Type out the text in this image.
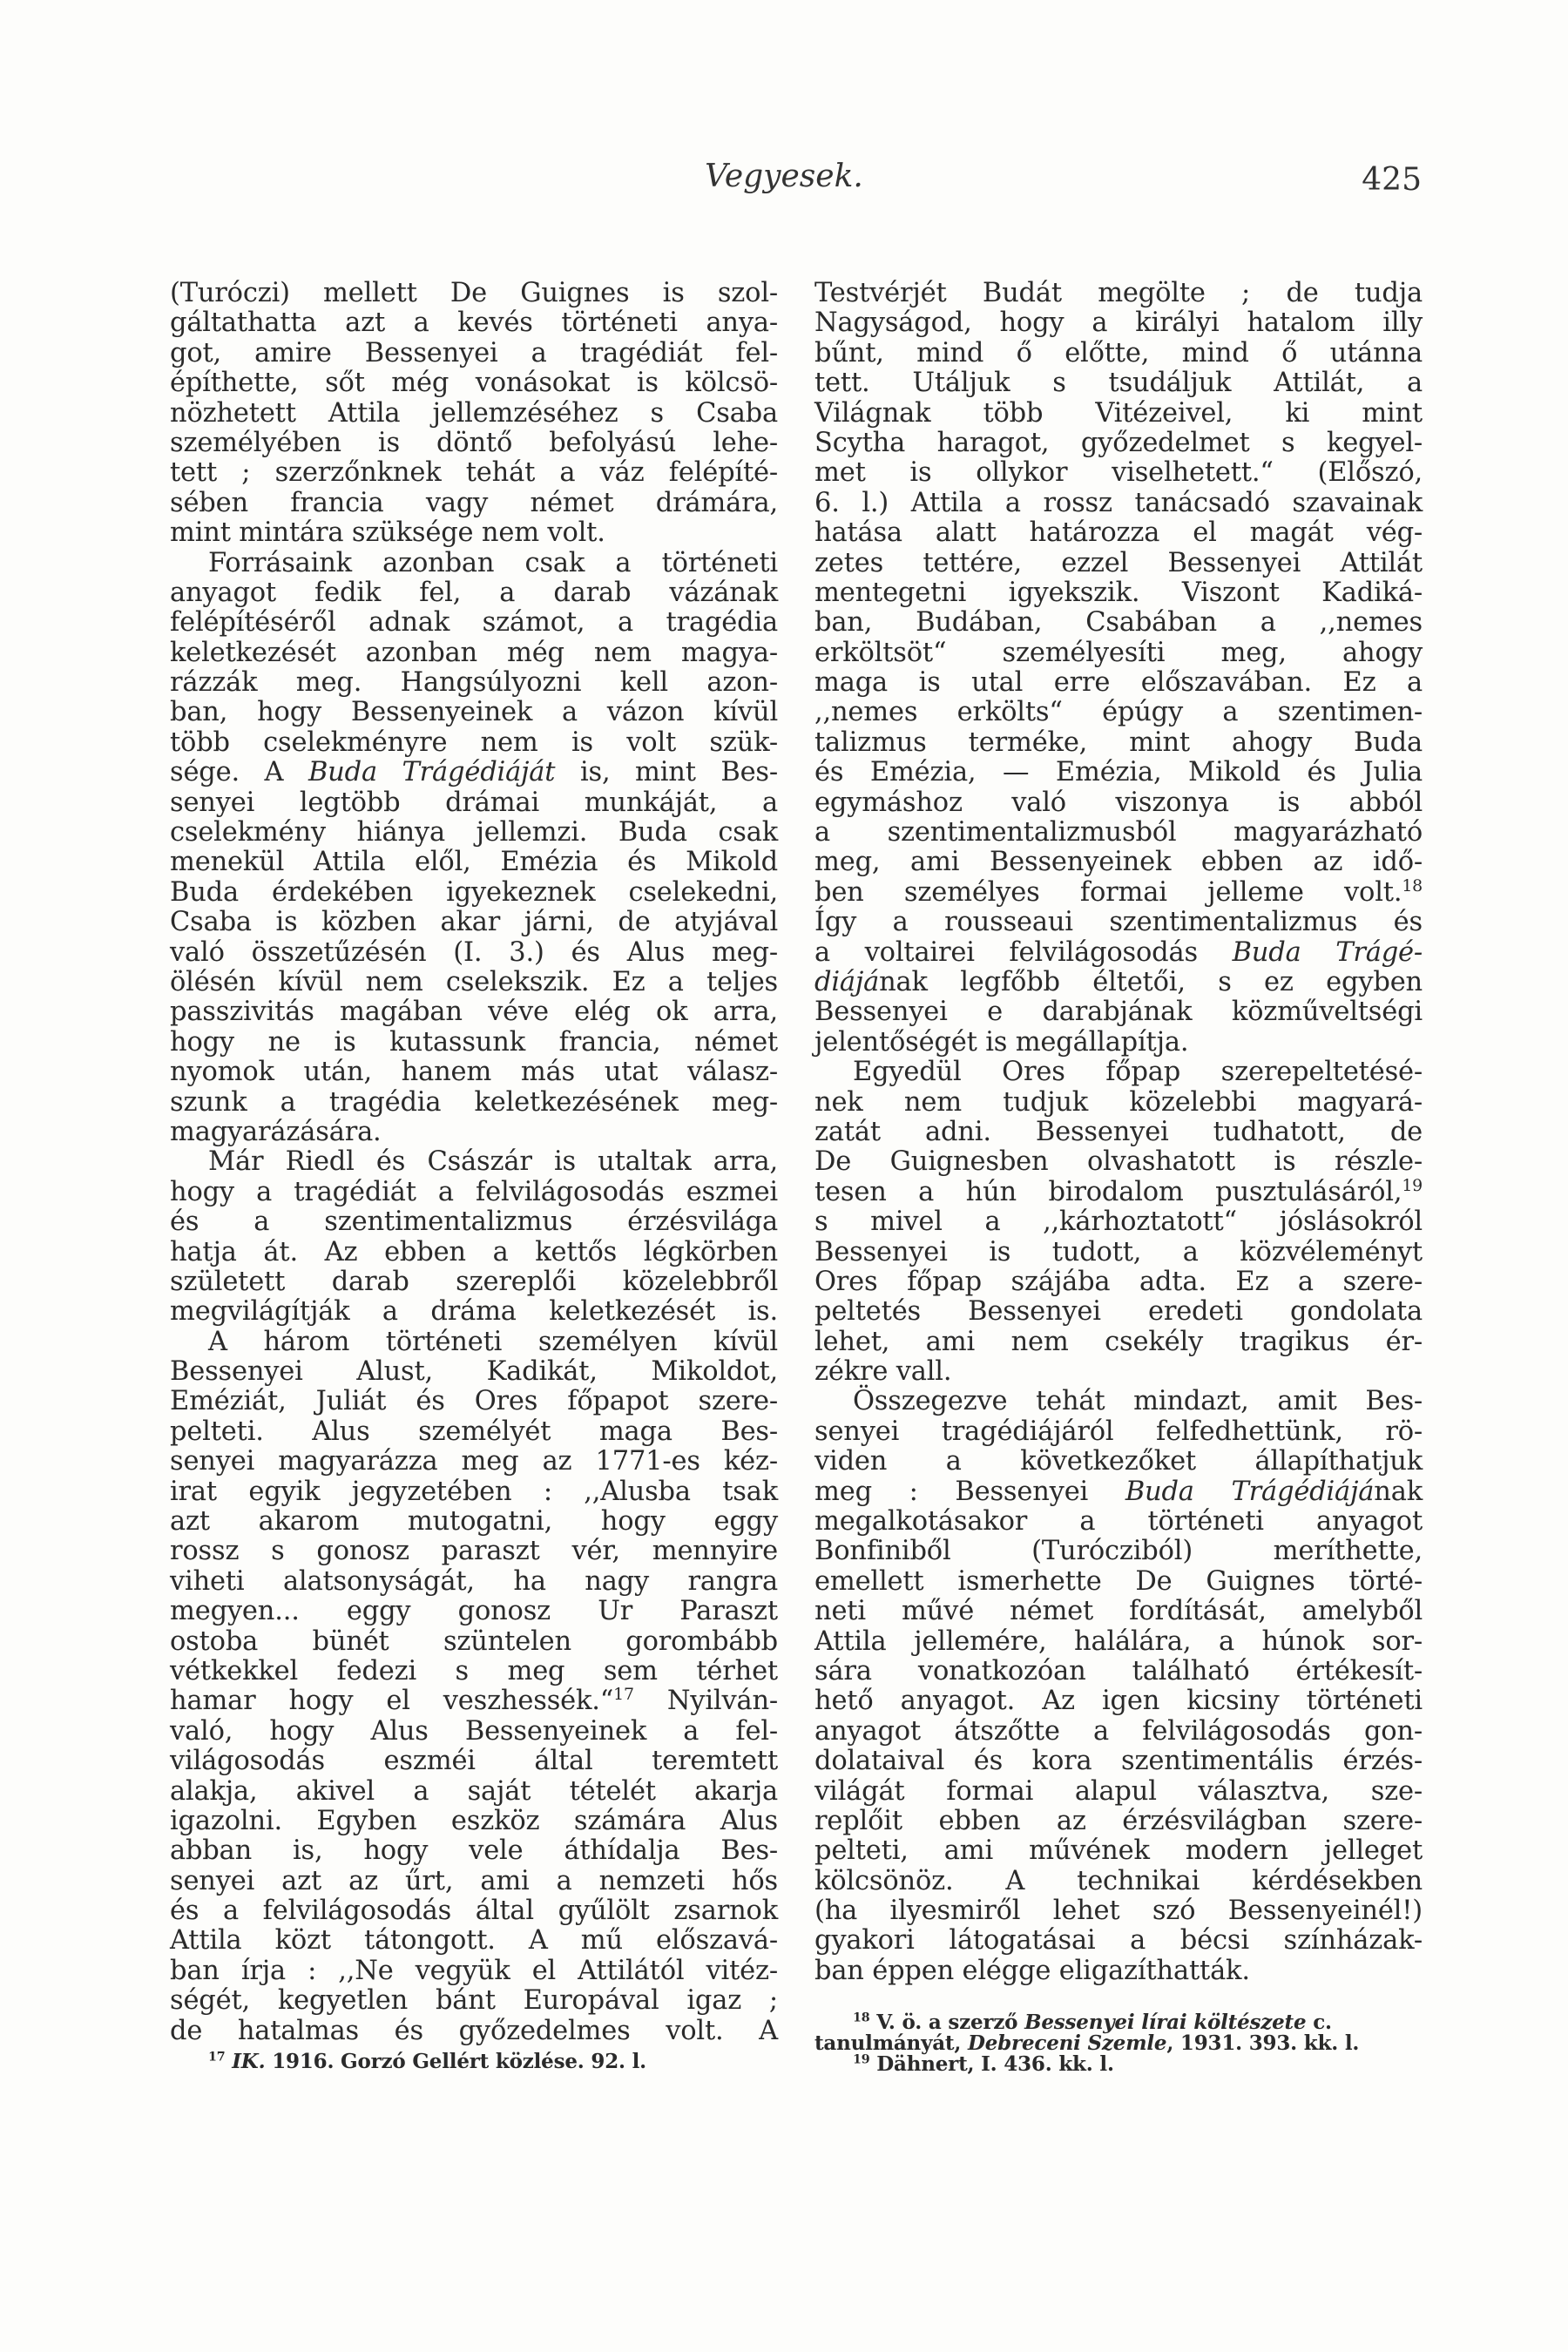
Vegyesek.	425
(Turóczi) mellett De Guignes is szol-
gáltathatta azt a kevés történeti anya-
got, amire Bessenyei a tragédiát fel-
építhette, sőt még vonásokat is kölcsö-
nözhetett Attila jellemzéséhez s Csaba
személyében is döntő befolyású lehe-
tett ; szerzőnknek tehát a váz felépíté-
sében francia vagy német drámára,
mint mintára szüksége nem volt.
Forrásaink azonban csak a történeti
anyagot fedik fel, a darab vázának
felépítéséről adnak számot, a tragédia
keletkezését azonban még nem magya-
rázzák meg. Hangsúlyozni kell azon-
ban, hogy Bessenyeinek a vázon kívül
több cselekményre nem is volt szük-
sége. A Buda Trágédiáját is, mint Bes-
senyei legtöbb drámai munkáját, a
cselekmény hiánya jellemzi. Buda csak
menekül Attila elől, Emézia és Mikold
Buda érdekében igyekeznek cselekedni,
Csaba is közben akar járni, de atyjával
való összetűzésén (I. 3.) és Alus meg-
ölésén kívül nem cselekszik. Ez a teljes
passzivitás magában véve elég ok arra,
hogy ne is kutassunk francia, német
nyomok után, hanem más utat válasz-
szunk a tragédia keletkezésének meg-
magyarázására.
Már Riedl és Császár is utaltak arra,
hogy a tragédiát a felvilágosodás eszmei
és a szentimentalizmus érzésvilága
hatja át. Az ebben a kettős légkörben
született darab szereplői közelebbről
megvilágítják a dráma keletkezését is.
A három történeti személyen kívül
Bessenyei Alust, Kadikát, Mikoldot,
Eméziát, Juliát és Ores főpapot szere-
pelteti. Alus személyét maga Bes-
senyei magyarázza meg az 1771-es kéz-
irat egyik jegyzetében : ,,Alusba tsak
azt akarom mutogatni, hogy eggy
rossz s gonosz paraszt vér, mennyire
viheti alatsonyságát, ha nagy rangra
megyen... eggy gonosz Ur Paraszt
ostoba bünét szüntelen gorombább
vétkekkel fedezi s meg sem térhet
hamar hogy el veszhessék.“$^{17}$ Nyilván-
való, hogy Alus Bessenyeinek a fel-
világosodás eszméi által teremtett
alakja, akivel a saját tételét akarja
igazolni. Egyben eszköz számára Alus
abban is, hogy vele áthídalja Bes-
senyei azt az űrt, ami a nemzeti hős
és a felvilágosodás által gyűlölt zsarnok
Attila közt tátongott. A mű előszavá-
ban írja : ,,Ne vegyük el Attilától vitéz-
ségét, kegyetlen bánt Europával igaz ;
de hatalmas és győzedelmes volt. A
$^{17}$ IK. 1916. Gorzó Gellért közlése. 92. l.
Testvérjét Budát megölte ; de tudja
Nagyságod, hogy a királyi hatalom illy
bűnt, mind ő előtte, mind ő utánna
tett. Utáljuk s tsudáljuk Attilát, a
Világnak több Vitézeivel, ki mint
Scytha haragot, győzedelmet s kegyel-
met is ollykor viselhetett.“ (Előszó,
6. l.) Attila a rossz tanácsadó szavainak
hatása alatt határozza el magát vég-
zetes tettére, ezzel Bessenyei Attilát
mentegetni igyekszik. Viszont Kadiká-
ban, Budában, Csabában a ,,nemes
erköltsöt“ személyesíti meg, ahogy
maga is utal erre előszavában. Ez a
,,nemes erkölts“ épúgy a szentimen-
talizmus terméke, mint ahogy Buda
és Emézia, — Emézia, Mikold és Julia
egymáshoz való viszonya is abból
a szentimentalizmusból magyarázható
meg, ami Bessenyeinek ebben az idő-
ben személyes formai jelleme volt.$^{18}$
Így a rousseaui szentimentalizmus és
a voltairei felvilágosodás Buda Trágé-
diájának legfőbb éltetői, s ez egyben
Bessenyei e darabjának közműveltségi
jelentőségét is megállapítja.
Egyedül Ores főpap szerepeltetésé-
nek nem tudjuk közelebbi magyará-
zatát adni. Bessenyei tudhatott, de
De Guignesben olvashatott is részle-
tesen a hún birodalom pusztulásáról,$^{19}$
s mivel a ,,kárhoztatott“ jóslásokról
Bessenyei is tudott, a közvéleményt
Ores főpap szájába adta. Ez a szere-
peltetés Bessenyei eredeti gondolata
lehet, ami nem csekély tragikus ér-
zékre vall.
Összegezve tehát mindazt, amit Bes-
senyei tragédiájáról felfedhettünk, rö-
viden a következőket állapíthatjuk
meg : Bessenyei Buda Trágédiájának
megalkotásakor a történeti anyagot
Bonfiniből (Turócziból) meríthette,
emellett ismerhette De Guignes törté-
neti művé német fordítását, amelyből
Attila jellemére, halálára, a húnok sor-
sára vonatkozóan található értékesít-
hető anyagot. Az igen kicsiny történeti
anyagot átszőtte a felvilágosodás gon-
dolataival és kora szentimentális érzés-
világát formai alapul választva, sze-
replőit ebben az érzésvilágban szere-
pelteti, ami művének modern jelleget
kölcsönöz. A technikai kérdésekben
(ha ilyesmiről lehet szó Bessenyeinél!)
gyakori látogatásai a bécsi színházak-
ban éppen elégge eligazíthatták.
$^{18}$ V. ö. a szerző Bessenyei lírai költészete c.
tanulmányát, Debreceni Szemle, 1931. 393. kk. l.
$^{19}$ Dähnert, I. 436. kk. l.
